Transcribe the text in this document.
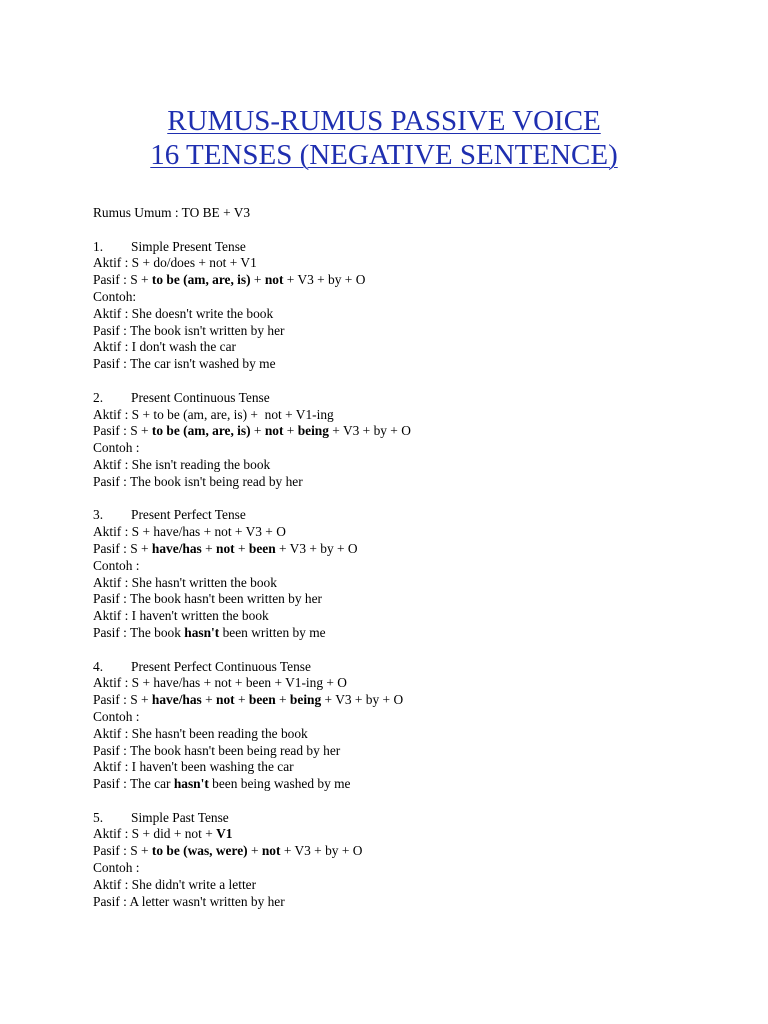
RUMUS-RUMUS PASSIVE VOICE
16 TENSES (NEGATIVE SENTENCE)
Rumus Umum : TO BE + V3
1. Simple Present Tense
Aktif : S + do/does + not + V1
Pasif : S + to be (am, are, is) + not + V3 + by + O
Contoh:
Aktif : She doesn't write the book
Pasif : The book isn't written by her
Aktif : I don't wash the car
Pasif : The car isn't washed by me
2. Present Continuous Tense
Aktif : S + to be (am, are, is) +  not + V1-ing
Pasif : S + to be (am, are, is) + not + being + V3 + by + O
Contoh :
Aktif : She isn't reading the book
Pasif : The book isn't being read by her
3. Present Perfect Tense
Aktif : S + have/has + not + V3 + O
Pasif : S + have/has + not + been + V3 + by + O
Contoh :
Aktif : She hasn't written the book
Pasif : The book hasn't been written by her
Aktif : I haven't written the book
Pasif : The book hasn't been written by me
4. Present Perfect Continuous Tense
Aktif : S + have/has + not + been + V1-ing + O
Pasif : S + have/has + not + been + being + V3 + by + O
Contoh :
Aktif : She hasn't been reading the book
Pasif : The book hasn't been being read by her
Aktif : I haven't been washing the car
Pasif : The car hasn't been being washed by me
5. Simple Past Tense
Aktif : S + did + not + V1
Pasif : S + to be (was, were) + not + V3 + by + O
Contoh :
Aktif : She didn't write a letter
Pasif : A letter wasn't written by her
